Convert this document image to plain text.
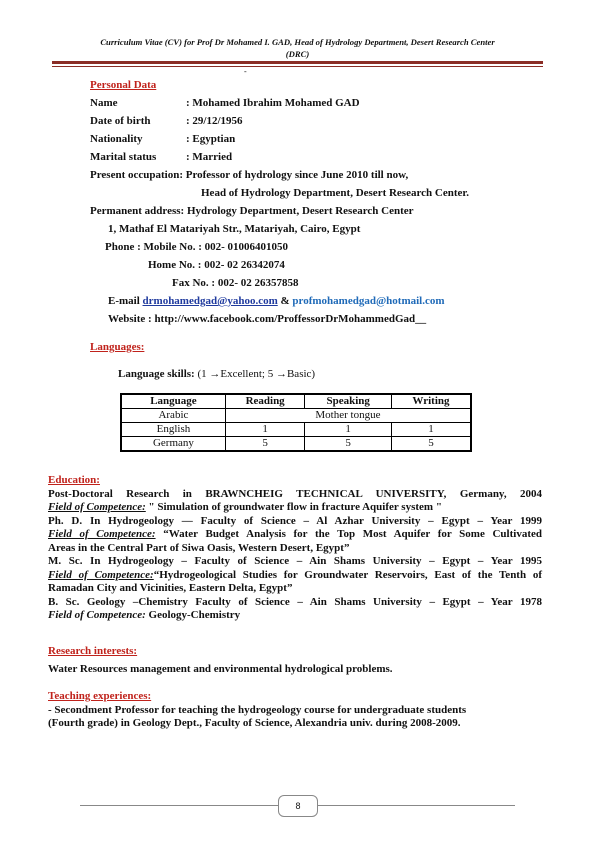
Curriculum Vitae (CV) for Prof Dr Mohamed I. GAD, Head of Hydrology Department, Desert Research Center
(DRC)
-
Personal Data
Name	: Mohamed Ibrahim Mohamed GAD
Date of birth	: 29/12/1956
Nationality	: Egyptian
Marital status	: Married
Present occupation: Professor of hydrology since June 2010 till now,
Head of Hydrology Department, Desert Research Center.
Permanent address: Hydrology Department, Desert Research Center
1, Mathaf El Matariyah Str., Matariyah, Cairo, Egypt
Phone : Mobile No. : 002- 01006401050
Home No. : 002- 02 26342074
Fax No. : 002- 02 26357858
E-mail drmohamedgad@yahoo.com & profmohamedgad@hotmail.com
Website : http://www.facebook.com/ProffessorDrMohammedGad__
Languages:
Language skills: (1 →Excellent; 5 →Basic)
Language	Reading	Speaking	Writing
Arabic	Mother tongue		
English	1	1	1
Germany	5	5	5
Education:
Post-Doctoral Research in BRAWNCHEIG TECHNICAL UNIVERSITY, Germany, 2004
Field of Competence: " Simulation of groundwater flow in fracture Aquifer system "
Ph. D. In Hydrogeology — Faculty of Science – Al Azhar University – Egypt – Year 1999
Field of Competence: “Water Budget Analysis for the Top Most Aquifer for Some Cultivated
Areas in the Central Part of Siwa Oasis, Western Desert, Egypt”
M. Sc. In Hydrogeology – Faculty of Science – Ain Shams University – Egypt – Year 1995
Field of Competence:“Hydrogeological Studies for Groundwater Reservoirs, East of the Tenth of
Ramadan City and Vicinities, Eastern Delta, Egypt”
B. Sc. Geology –Chemistry Faculty of Science – Ain Shams University – Egypt – Year 1978
Field of Competence: Geology-Chemistry
Research interests:
Water Resources management and environmental hydrological problems.
Teaching experiences:
- Secondment Professor for teaching the hydrogeology course for undergraduate students
(Fourth grade) in Geology Dept., Faculty of Science, Alexandria univ. during 2008-2009.
8
